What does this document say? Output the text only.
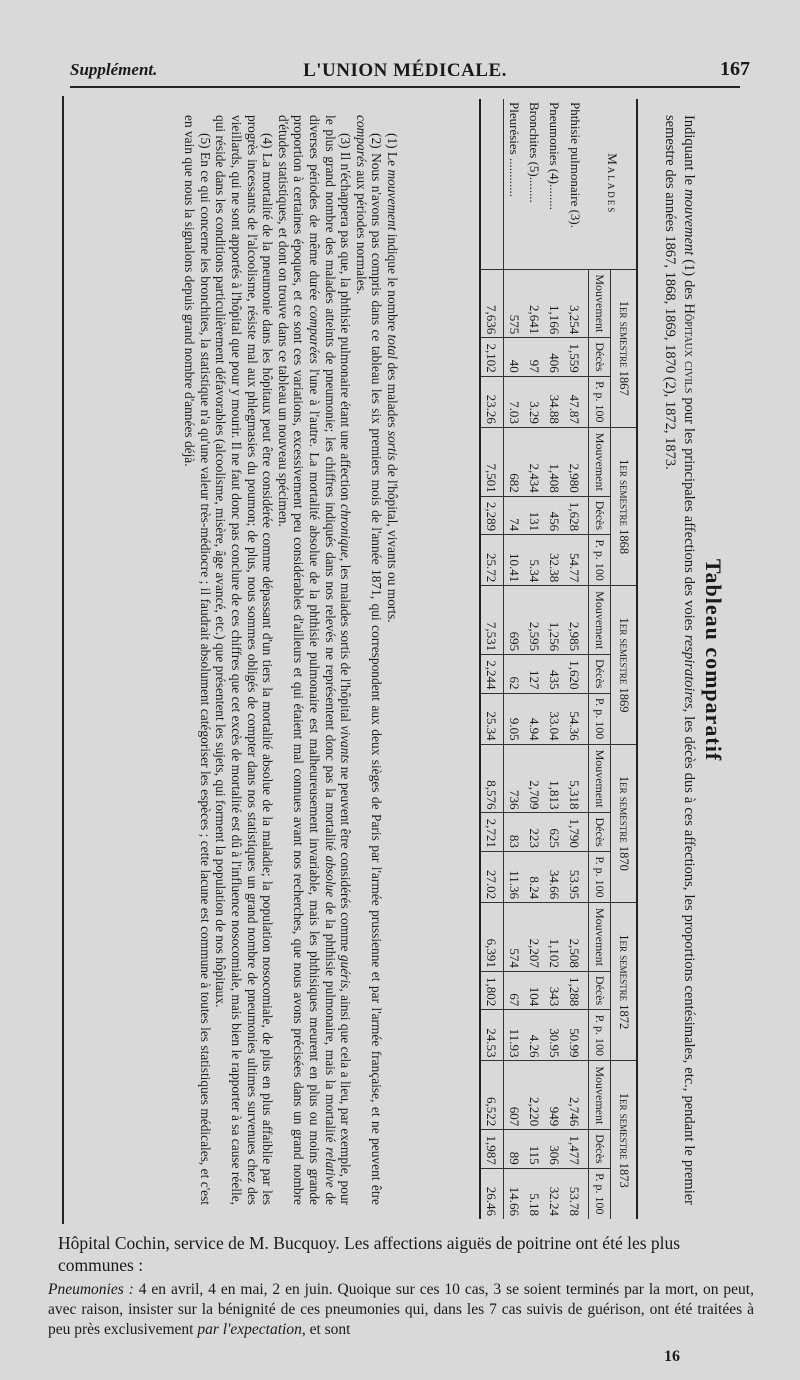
Supplément.	L'UNION MÉDICALE.	167
Tableau comparatif
Indiquant le mouvement (1) des Hôpitaux civils pour les principales affections des voies respiratoires, les décès dus à ces affections, les proportions centésimales, etc., pendant le premier semestre des années 1867, 1868, 1869, 1870 (2), 1872, 1873.
Malades	1er semestre 1867			1er semestre 1868			1er semestre 1869			1er semestre 1870			1er semestre 1872			1er semestre 1873		
	Mouvement	Décès	P. p. 100	Mouvement	Décès	P. p. 100	Mouvement	Décès	P. p. 100	Mouvement	Décès	P. p. 100	Mouvement	Décès	P. p. 100	Mouvement	Décès	P. p. 100
Phthisie pulmonaire (3).	3,254	1,559	47.87	2,980	1,628	54.77	2,985	1,620	54.36	5,318	1,790	53.95	2,508	1,288	50.99	2,746	1,477	53.78
Pneumonies (4)........	1,166	406	34.88	1,408	456	32.38	1,256	435	33.04	1,813	625	34.66	1,102	343	30.95	949	306	32.24
Bronchites (5)........	2,641	97	3.29	2,434	131	5.34	2,595	127	4.94	2,709	223	8.24	2,207	104	4.26	2,220	115	5.18
Pleurésies ............	575	40	7.03	682	74	10.41	695	62	9.05	736	83	11.36	574	67	11.93	607	89	14.66
	7,636	2,102	23.26	7,501	2,289	25.72	7,531	2,244	25.34	8,576	2,721	27.02	6,391	1,802	24.53	6,522	1,987	26.46

(1) Le mouvement indique le nombre total des malades sortis de l'hôpital, vivants ou morts.

(2) Nous n'avons pas compris dans ce tableau les six premiers mois de l'année 1871, qui correspondent aux deux sièges de Paris par l'armée prussienne et par l'armée française, et ne peuvent être comparés aux périodes normales.

(3) Il n'échappera pas que, la phthisie pulmonaire étant une affection chronique, les malades sortis de l'hôpital vivants ne peuvent être considérés comme guéris, ainsi que cela a lieu, par exemple, pour le plus grand nombre des malades atteints de pneumonie; les chiffres indiqués dans nos relevés ne représentent donc pas la mortalité absolue de la phthisie pulmonaire, mais la mortalité relative de diverses périodes de même durée comparées l'une à l'autre. La mortalité absolue de la phthisie pulmonaire est malheureusement invariable, mais les phthisiques meurent en plus ou moins grande proportion à certaines époques, et ce sont ces variations, excessivement peu considérables d'ailleurs et qui étaient mal connues avant nos recherches, que nous avons précisées dans un grand nombre d'études statistiques, et dont on trouve dans ce tableau un nouveau spécimen.

(4) La mortalité de la pneumonie dans les hôpitaux peut être considérée comme dépassant d'un tiers la mortalité absolue de la maladie; la population nosocomiale, de plus en plus affaiblie par les progrès incessants de l'alcoolisme, résiste mal aux phlegmasies du poumon; de plus, nous sommes obligés de compter dans nos statistiques un grand nombre de pneumonies ultimes survenues chez des vieillards, qui ne sont apportés à l'hôpital que pour y mourir. Il ne faut donc pas conclure de ces chiffres que cet excès de mortalité est dû à l'influence nosocomiale, mais bien le rapporter à sa cause réelle, qui réside dans les conditions particulièrement défavorables (alcoolisme, misère, âge avancé, etc.) que présentent les sujets, qui forment la population de nos hôpitaux.

(5) En ce qui concerne les bronchites, la statistique n'a qu'une valeur très-médiocre ; il faudrait absolument catégoriser les espèces ; cette lacune est commune à toutes les statistiques médicales, et c'est en vain que nous la signalons depuis grand nombre d'années déjà.

Hôpital Cochin, service de M. Bucquoy. Les affections aiguës de poitrine ont été les plus communes :
Pneumonies : 4 en avril, 4 en mai, 2 en juin. Quoique sur ces 10 cas, 3 se soient terminés par la mort, on peut, avec raison, insister sur la bénignité de ces pneumonies qui, dans les 7 cas suivis de guérison, ont été traitées à peu près exclusivement par l'expectation, et sont
16
